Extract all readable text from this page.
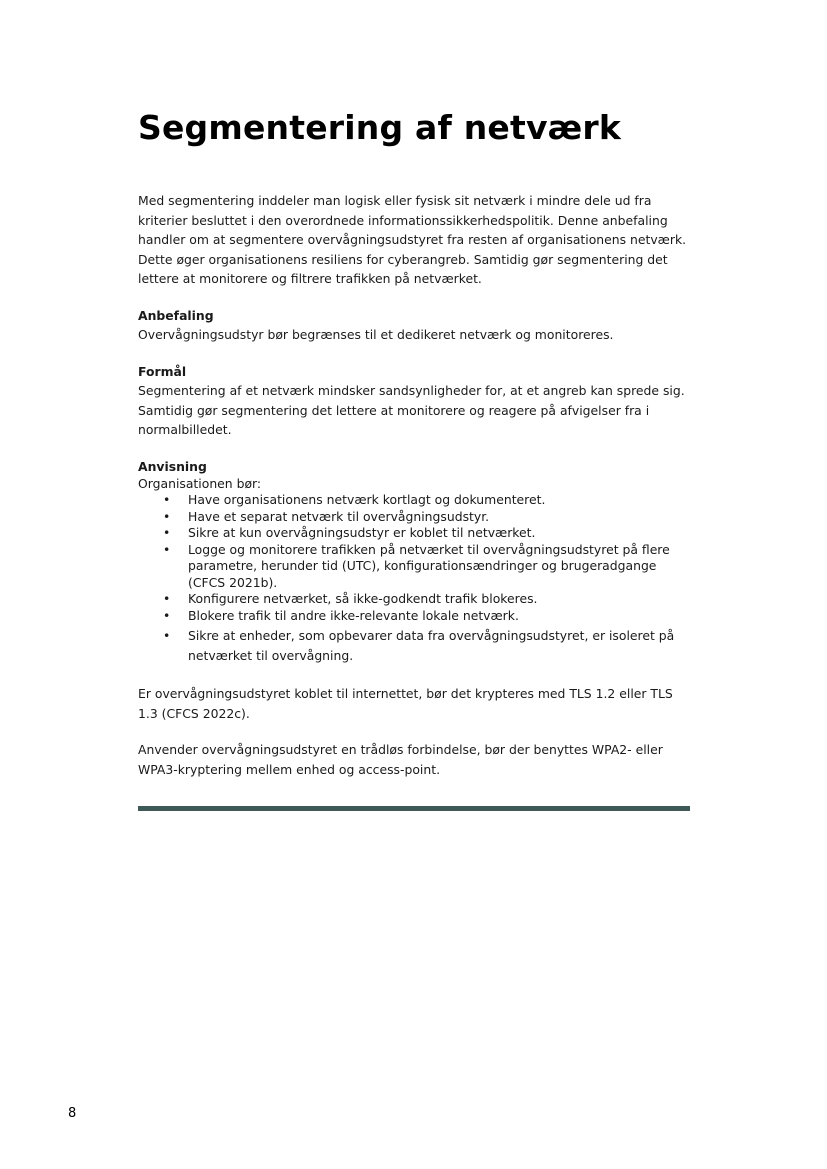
Segmentering af netværk

Med segmentering inddeler man logisk eller fysisk sit netværk i mindre dele ud fra kriterier besluttet i den overordnede informationssikkerhedspolitik. Denne anbefaling handler om at segmentere overvågningsudstyret fra resten af organisationens netværk. Dette øger organisationens resiliens for cyberangreb. Samtidig gør segmentering det lettere at monitorere og filtrere trafikken på netværket.

Anbefaling

Overvågningsudstyr bør begrænses til et dedikeret netværk og monitoreres.

Formål

Segmentering af et netværk mindsker sandsynligheder for, at et angreb kan sprede sig. Samtidig gør segmentering det lettere at monitorere og reagere på afvigelser fra i normalbilledet.

Anvisning

Organisationen bør:

• Have organisationens netværk kortlagt og dokumenteret.
• Have et separat netværk til overvågningsudstyr.
• Sikre at kun overvågningsudstyr er koblet til netværket.
• Logge og monitorere trafikken på netværket til overvågningsudstyret på flere parametre, herunder tid (UTC), konfigurationsændringer og brugeradgange (CFCS 2021b).
• Konfigurere netværket, så ikke-godkendt trafik blokeres.
• Blokere trafik til andre ikke-relevante lokale netværk.
• Sikre at enheder, som opbevarer data fra overvågningsudstyret, er isoleret på netværket til overvågning.

Er overvågningsudstyret koblet til internettet, bør det krypteres med TLS 1.2 eller TLS 1.3 (CFCS 2022c).

Anvender overvågningsudstyret en trådløs forbindelse, bør der benyttes WPA2- eller WPA3-kryptering mellem enhed og access-point.

8
